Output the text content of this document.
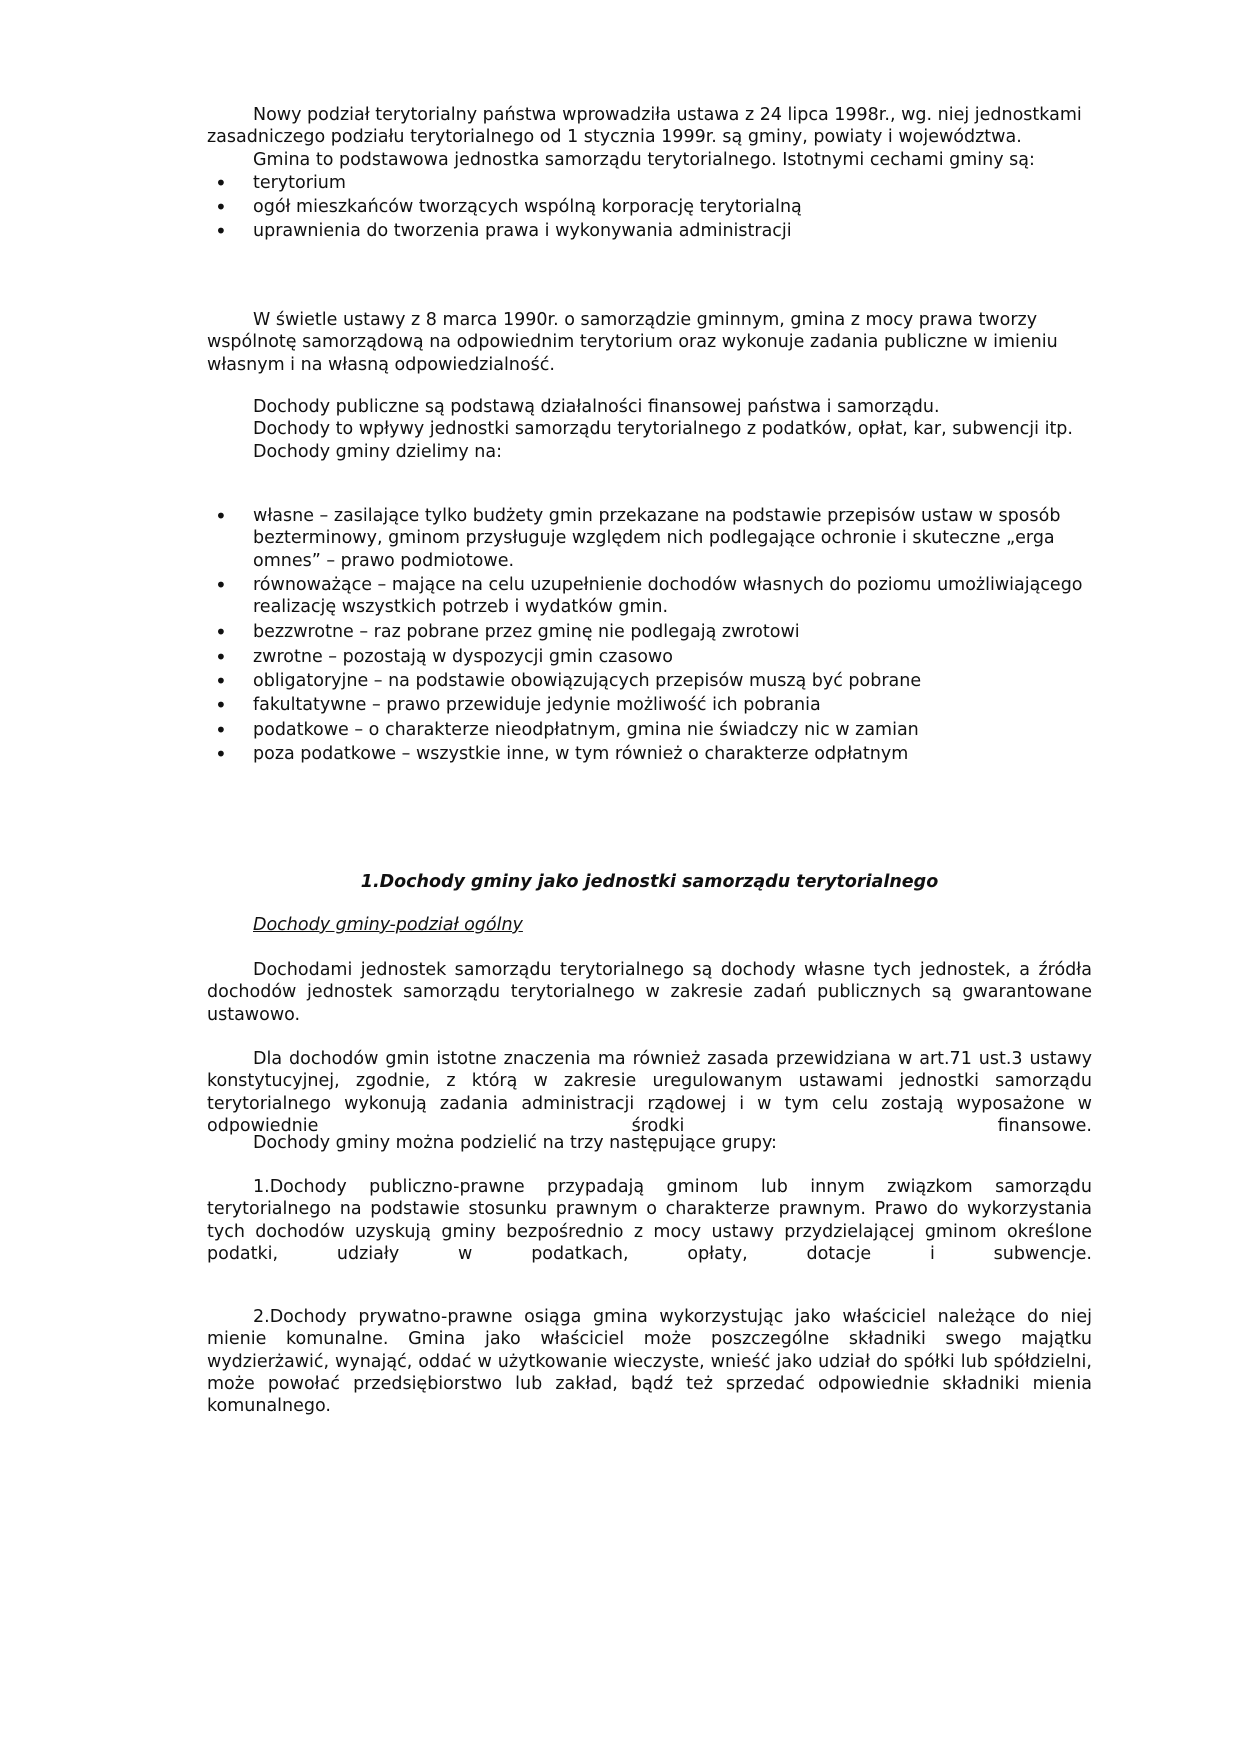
Nowy podział terytorialny państwa wprowadziła ustawa z 24 lipca 1998r., wg. niej jednostkami zasadniczego podziału terytorialnego od 1 stycznia 1999r. są gminy, powiaty i województwa.

Gmina to podstawowa jednostka samorządu terytorialnego. Istotnymi cechami gminy są:

• terytorium
• ogół mieszkańców tworzących wspólną korporację terytorialną
• uprawnienia do tworzenia prawa i wykonywania administracji

W świetle ustawy z 8 marca 1990r. o samorządzie gminnym, gmina z mocy prawa tworzy wspólnotę samorządową na odpowiednim terytorium oraz wykonuje zadania publiczne w imieniu własnym i na własną odpowiedzialność.

Dochody publiczne są podstawą działalności finansowej państwa i samorządu.

Dochody to wpływy jednostki samorządu terytorialnego z podatków, opłat, kar, subwencji itp.

Dochody gminy dzielimy na:

• własne – zasilające tylko budżety gmin przekazane na podstawie przepisów ustaw w sposób bezterminowy, gminom przysługuje względem nich podlegające ochronie i skuteczne „erga omnes” – prawo podmiotowe.
• równoważące – mające na celu uzupełnienie dochodów własnych do poziomu umożliwiającego realizację wszystkich potrzeb i wydatków gmin.
• bezzwrotne – raz pobrane przez gminę nie podlegają zwrotowi
• zwrotne – pozostają w dyspozycji gmin czasowo
• obligatoryjne – na podstawie obowiązujących przepisów muszą być pobrane
• fakultatywne – prawo przewiduje jedynie możliwość ich pobrania
• podatkowe – o charakterze nieodpłatnym, gmina nie świadczy nic w zamian
• poza podatkowe – wszystkie inne, w tym również o charakterze odpłatnym
1.Dochody gminy jako jednostki samorządu terytorialnego
Dochody gminy-podział ogólny

Dochodami jednostek samorządu terytorialnego są dochody własne tych jednostek, a źródła dochodów jednostek samorządu terytorialnego w zakresie zadań publicznych są gwarantowane ustawowo.

Dla dochodów gmin istotne znaczenia ma również zasada przewidziana w art.71 ust.3 ustawy konstytucyjnej, zgodnie, z którą w zakresie uregulowanym ustawami jednostki samorządu terytorialnego wykonują zadania administracji rządowej i w tym celu zostają wyposażone w odpowiednie środki finansowe.

Dochody gminy można podzielić na trzy następujące grupy:

1.Dochody publiczno-prawne przypadają gminom lub innym związkom samorządu terytorialnego na podstawie stosunku prawnym o charakterze prawnym. Prawo do wykorzystania tych dochodów uzyskują gminy bezpośrednio z mocy ustawy przydzielającej gminom określone podatki, udziały w podatkach, opłaty, dotacje i subwencje.

2.Dochody prywatno-prawne osiąga gmina wykorzystując jako właściciel należące do niej mienie komunalne. Gmina jako właściciel może poszczególne składniki swego majątku wydzierżawić, wynająć, oddać w użytkowanie wieczyste, wnieść jako udział do spółki lub spółdzielni, może powołać przedsiębiorstwo lub zakład, bądź też sprzedać odpowiednie składniki mienia komunalnego.
